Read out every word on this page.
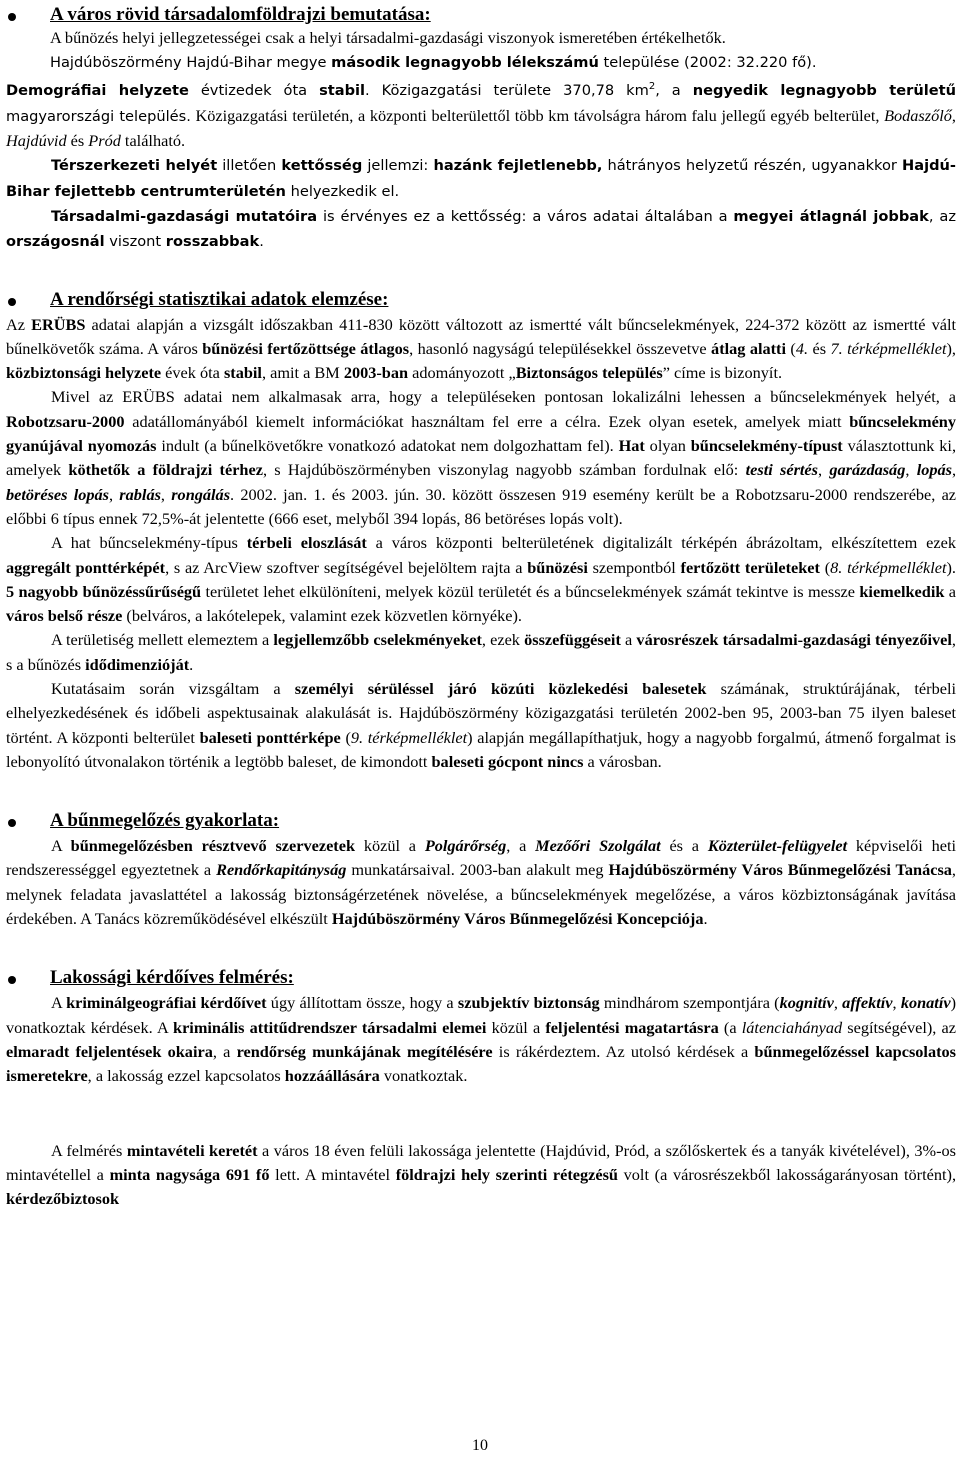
A város rövid társadalomföldrajzi bemutatása:

A bűnözés helyi jellegzetességei csak a helyi társadalmi-gazdasági viszonyok ismeretében értékelhetők.
Hajdúböszörmény Hajdú-Bihar megye második legnagyobb lélekszámú települése (2002: 32.220 fő).

Demográfiai helyzete évtizedek óta stabil. Közigazgatási területe 370,78 $km^2$, a negyedik legnagyobb területű magyarországi település. Közigazgatási területén, a központi belterülettől több km távolságra három falu jellegű egyéb belterület, Bodaszőlő, Hajdúvid és Pród található.

Térszerkezeti helyét illetően kettősség jellemzi: hazánk fejletlenebb, hátrányos helyzetű részén, ugyanakkor Hajdú-Bihar fejlettebb centrumterületén helyezkedik el.

Társadalmi-gazdasági mutatóira is érvényes ez a kettősség: a város adatai általában a megyei átlagnál jobbak, az országosnál viszont rosszabbak.

A rendőrségi statisztikai adatok elemzése:

Az ERÜBS adatai alapján a vizsgált időszakban 411-830 között változott az ismertté vált bűncselekmények, 224-372 között az ismertté vált bűnelkövetők száma. A város bűnözési fertőzöttsége átlagos, hasonló nagyságú településekkel összevetve átlag alatti (4. és 7. térképmelléklet), közbiztonsági helyzete évek óta stabil, amit a BM 2003-ban adományozott „Biztonságos település” címe is bizonyít.

Mivel az ERÜBS adatai nem alkalmasak arra, hogy a településeken pontosan lokalizálni lehessen a bűncselekmények helyét, a Robotzsaru-2000 adatállományából kiemelt információkat használtam fel erre a célra. Ezek olyan esetek, amelyek miatt bűncselekmény gyanújával nyomozás indult (a bűnelkövetőkre vonatkozó adatokat nem dolgozhattam fel). Hat olyan bűncselekmény-típust választottunk ki, amelyek köthetők a földrajzi térhez, s Hajdúböszörményben viszonylag nagyobb számban fordulnak elő: testi sértés, garázdaság, lopás, betöréses lopás, rablás, rongálás. 2002. jan. 1. és 2003. jún. 30. között összesen 919 esemény került be a Robotzsaru-2000 rendszerébe, az előbbi 6 típus ennek 72,5%-át jelentette (666 eset, melyből 394 lopás, 86 betöréses lopás volt).

A hat bűncselekmény-típus térbeli eloszlását a város központi belterületének digitalizált térképén ábrázoltam, elkészítettem ezek aggregált ponttérképét, s az ArcView szoftver segítségével bejelöltem rajta a bűnözési szempontból fertőzött területeket (8. térképmelléklet). 5 nagyobb bűnözéssűrűségű területet lehet elkülöníteni, melyek közül területét és a bűncselekmények számát tekintve is messze kiemelkedik a város belső része (belváros, a lakótelepek, valamint ezek közvetlen környéke).

A területiség mellett elemeztem a legjellemzőbb cselekményeket, ezek összefüggéseit a városrészek társadalmi-gazdasági tényezőivel, s a bűnözés idődimenzióját.

Kutatásaim során vizsgáltam a személyi sérüléssel járó közúti közlekedési balesetek számának, struktúrájának, térbeli elhelyezkedésének és időbeli aspektusainak alakulását is. Hajdúböszörmény közigazgatási területén 2002-ben 95, 2003-ban 75 ilyen baleset történt. A központi belterület baleseti ponttérképe (9. térképmelléklet) alapján megállapíthatjuk, hogy a nagyobb forgalmú, átmenő forgalmat is lebonyolító útvonalakon történik a legtöbb baleset, de kimondott baleseti gócpont nincs a városban.

A bűnmegelőzés gyakorlata:

A bűnmegelőzésben résztvevő szervezetek közül a Polgárőrség, a Mezőőri Szolgálat és a Közterület-felügyelet képviselői heti rendszerességgel egyeztetnek a Rendőrkapitányság munkatársaival. 2003-ban alakult meg Hajdúböszörmény Város Bűnmegelőzési Tanácsa, melynek feladata javaslattétel a lakosság biztonságérzetének növelése, a bűncselekmények megelőzése, a város közbiztonságának javítása érdekében. A Tanács közreműködésével elkészült Hajdúböszörmény Város Bűnmegelőzési Koncepciója.

Lakossági kérdőíves felmérés:

A kriminálgeográfiai kérdőívet úgy állítottam össze, hogy a szubjektív biztonság mindhárom szempontjára (kognitív, affektív, konatív) vonatkoztak kérdések. A kriminális attitűdrendszer társadalmi elemei közül a feljelentési magatartásra (a látenciahányad segítségével), az elmaradt feljelentések okaira, a rendőrség munkájának megítélésére is rákérdeztem. Az utolsó kérdések a bűnmegelőzéssel kapcsolatos ismeretekre, a lakosság ezzel kapcsolatos hozzáállására vonatkoztak.

A felmérés mintavételi keretét a város 18 éven felüli lakossága jelentette (Hajdúvid, Pród, a szőlőskertek és a tanyák kivételével), 3%-os mintavétellel a minta nagysága 691 fő lett. A mintavétel földrajzi hely szerinti rétegzésű volt (a városrészekből lakosságarányosan történt), kérdezőbiztosok

10
